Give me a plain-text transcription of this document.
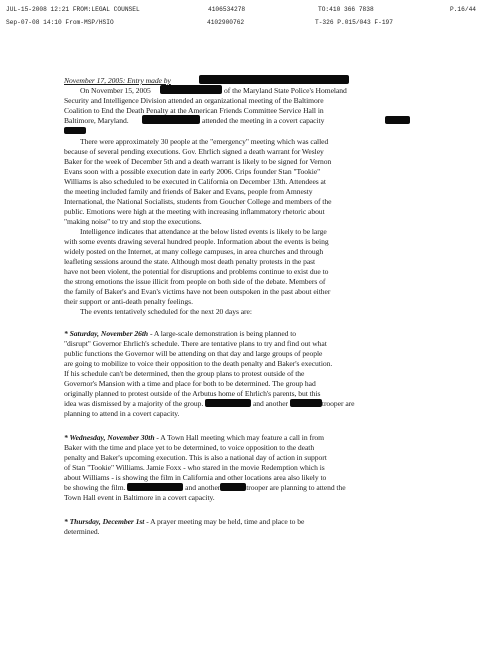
JUL-15-2008 12:21 FROM:LEGAL COUNSEL	4106534278	TO:410 366 7838	P.16/44
Sep-07-08 14:10 From-MSP/HSIO	4102900762	T-326 P.015/043 F-197
November 17, 2005: Entry made by
On November 15, 2005	of the Maryland State Police's Homeland
Security and Intelligence Division attended an organizational meeting of the Baltimore
Coalition to End the Death Penalty at the American Friends Committee Service Hall in
Baltimore, Maryland.	attended the meeting in a covert capacity
There were approximately 30 people at the "emergency" meeting which was called
because of several pending executions. Gov. Ehrlich signed a death warrant for Wesley
Baker for the week of December 5th and a death warrant is likely to be signed for Vernon
Evans soon with a possible execution date in early 2006. Crips founder Stan "Tookie"
Williams is also scheduled to be executed in California on December 13th. Attendees at
the meeting included family and friends of Baker and Evans, people from Amnesty
International, the National Socialists, students from Goucher College and members of the
public. Emotions were high at the meeting with increasing inflammatory rhetoric about
"making noise" to try and stop the executions.
Intelligence indicates that attendance at the below listed events is likely to be large
with some events drawing several hundred people. Information about the events is being
widely posted on the Internet, at many college campuses, in area churches and through
leafleting sessions around the state. Although most death penalty protests in the past
have not been violent, the potential for disruptions and problems continue to exist due to
the strong emotions the issue illicit from people on both side of the debate. Members of
the family of Baker's and Evan's victims have not been outspoken in the past about either
their support or anti-death penalty feelings.
The events tentatively scheduled for the next 20 days are:
* Saturday, November 26th - A large-scale demonstration is being planned to
"disrupt" Governor Ehrlich's schedule. There are tentative plans to try and find out what
public functions the Governor will be attending on that day and large groups of people
are going to mobilize to voice their opposition to the death penalty and Baker's execution.
If his schedule can't be determined, then the group plans to protest outside of the
Governor's Mansion with a time and place for both to be determined. The group had
originally planned to protest outside of the Arbutus home of Ehrlich's parents, but this
idea was dismissed by a majority of the group.	and another	trooper are
planning to attend in a covert capacity.
* Wednesday, November 30th - A Town Hall meeting which may feature a call in from
Baker with the time and place yet to be determined, to voice opposition to the death
penalty and Baker's upcoming execution. This is also a national day of action in support
of Stan "Tookie" Williams. Jamie Foxx - who stared in the movie Redemption which is
about Williams - is showing the film in California and other locations area also likely to
be showing the film.	and another	trooper are planning to attend the
Town Hall event in Baltimore in a covert capacity.
* Thursday, December 1st - A prayer meeting may be held, time and place to be
determined.
